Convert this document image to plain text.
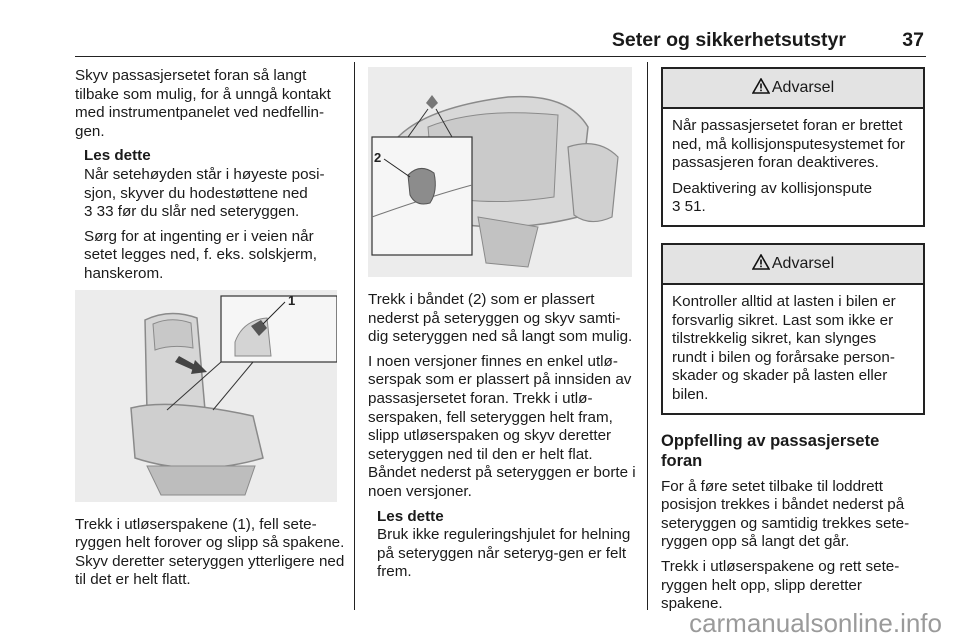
Seter og sikkerhetsutstyr	37

Skyv passasjersetet foran så langt tilbake som mulig, for å unngå kontakt med instrumentpanelet ved nedfellin-gen.

Les dette
Når setehøyden står i høyeste posi-sjon, skyver du hodestøttene ned
3 33 før du slår ned seteryggen.

Sørg for at ingenting er i veien når setet legges ned, f. eks. solskjerm, hanskerom.

1

Trekk i utløserspakene (1), fell sete-ryggen helt forover og slipp så spakene. Skyv deretter seteryggen ytterligere ned til det er helt flatt.

2

Trekk i båndet (2) som er plassert nederst på seteryggen og skyv samti-dig seteryggen ned så langt som mulig.

I noen versjoner finnes en enkel utlø-serspak som er plassert på innsiden av passasjersetet foran. Trekk i utlø-serspaken, fell seteryggen helt fram, slipp utløserspaken og skyv deretter seteryggen ned til den er helt flat. Båndet nederst på seteryggen er borte i noen versjoner.

Les dette
Bruk ikke reguleringshjulet for helning på seteryggen når seteryg-gen er felt frem.

Advarsel

Når passasjersetet foran er brettet ned, må kollisjonsputesystemet for passasjeren foran deaktiveres.

Deaktivering av kollisjonspute
3 51.

Advarsel

Kontroller alltid at lasten i bilen er forsvarlig sikret. Last som ikke er tilstrekkelig sikret, kan slynges rundt i bilen og forårsake person-skader og skader på lasten eller bilen.

Oppfelling av passasjersete foran

For å føre setet tilbake til loddrett posisjon trekkes i båndet nederst på seteryggen og samtidig trekkes sete-ryggen opp så langt det går.

Trekk i utløserspakene og rett sete-ryggen helt opp, slipp deretter spakene.

carmanualsonline.info
